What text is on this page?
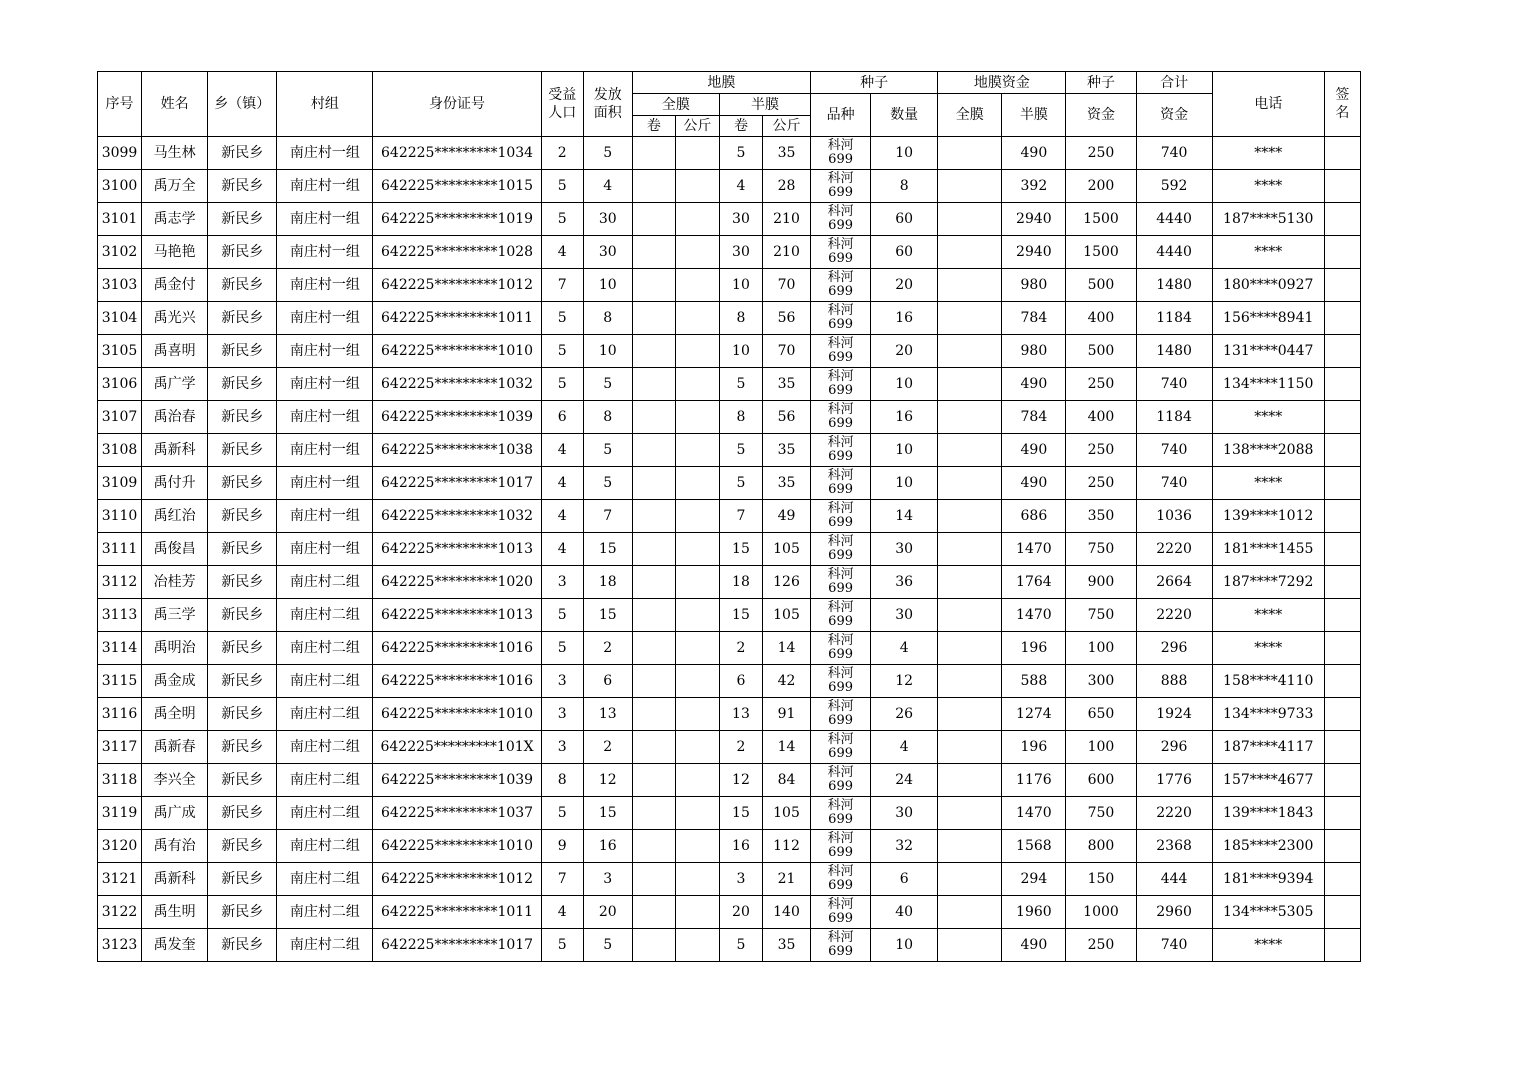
序号	姓名	乡（镇）	村组	身份证号	受益
人口	发放
面积	地膜				种子		地膜资金		种子	合计	电话	签
名
							全膜		半膜		品种	数量	全膜	半膜	资金	资金		
							卷	公斤	卷	公斤								
3099	马生林	新民乡	南庄村一组	642225*********1034	2	5			5	35	科河
699	10		490	250	740	****	
3100	禹万全	新民乡	南庄村一组	642225*********1015	5	4			4	28	科河
699	8		392	200	592	****	
3101	禹志学	新民乡	南庄村一组	642225*********1019	5	30			30	210	科河
699	60		2940	1500	4440	187****5130	
3102	马艳艳	新民乡	南庄村一组	642225*********1028	4	30			30	210	科河
699	60		2940	1500	4440	****	
3103	禹金付	新民乡	南庄村一组	642225*********1012	7	10			10	70	科河
699	20		980	500	1480	180****0927	
3104	禹光兴	新民乡	南庄村一组	642225*********1011	5	8			8	56	科河
699	16		784	400	1184	156****8941	
3105	禹喜明	新民乡	南庄村一组	642225*********1010	5	10			10	70	科河
699	20		980	500	1480	131****0447	
3106	禹广学	新民乡	南庄村一组	642225*********1032	5	5			5	35	科河
699	10		490	250	740	134****1150	
3107	禹治春	新民乡	南庄村一组	642225*********1039	6	8			8	56	科河
699	16		784	400	1184	****	
3108	禹新科	新民乡	南庄村一组	642225*********1038	4	5			5	35	科河
699	10		490	250	740	138****2088	
3109	禹付升	新民乡	南庄村一组	642225*********1017	4	5			5	35	科河
699	10		490	250	740	****	
3110	禹红治	新民乡	南庄村一组	642225*********1032	4	7			7	49	科河
699	14		686	350	1036	139****1012	
3111	禹俊昌	新民乡	南庄村一组	642225*********1013	4	15			15	105	科河
699	30		1470	750	2220	181****1455	
3112	冶桂芳	新民乡	南庄村二组	642225*********1020	3	18			18	126	科河
699	36		1764	900	2664	187****7292	
3113	禹三学	新民乡	南庄村二组	642225*********1013	5	15			15	105	科河
699	30		1470	750	2220	****	
3114	禹明治	新民乡	南庄村二组	642225*********1016	5	2			2	14	科河
699	4		196	100	296	****	
3115	禹金成	新民乡	南庄村二组	642225*********1016	3	6			6	42	科河
699	12		588	300	888	158****4110	
3116	禹全明	新民乡	南庄村二组	642225*********1010	3	13			13	91	科河
699	26		1274	650	1924	134****9733	
3117	禹新春	新民乡	南庄村二组	642225*********101X	3	2			2	14	科河
699	4		196	100	296	187****4117	
3118	李兴全	新民乡	南庄村二组	642225*********1039	8	12			12	84	科河
699	24		1176	600	1776	157****4677	
3119	禹广成	新民乡	南庄村二组	642225*********1037	5	15			15	105	科河
699	30		1470	750	2220	139****1843	
3120	禹有治	新民乡	南庄村二组	642225*********1010	9	16			16	112	科河
699	32		1568	800	2368	185****2300	
3121	禹新科	新民乡	南庄村二组	642225*********1012	7	3			3	21	科河
699	6		294	150	444	181****9394	
3122	禹生明	新民乡	南庄村二组	642225*********1011	4	20			20	140	科河
699	40		1960	1000	2960	134****5305	
3123	禹发奎	新民乡	南庄村二组	642225*********1017	5	5			5	35	科河
699	10		490	250	740	****	
